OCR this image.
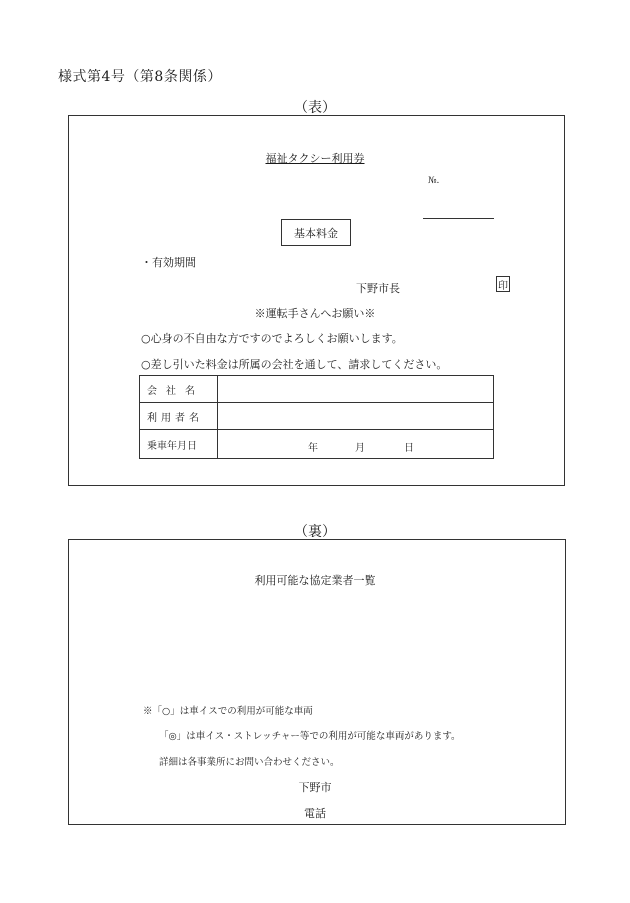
様式第4号（第8条関係）
（表）
福祉タクシー利用券
№.
基本料金
・有効期間
下野市長	印
※運転手さんへお願い※
○心身の不自由な方ですのでよろしくお願いします。
○差し引いた料金は所属の会社を通して、請求してください。
会社名	
利用者名	
乗車年月日	年 月 日
（裏）
利用可能な協定業者一覧
※「○」は車イスでの利用が可能な車両
「◎」は車イス・ストレッチャー等での利用が可能な車両があります。
詳細は各事業所にお問い合わせください。
下野市
電話
